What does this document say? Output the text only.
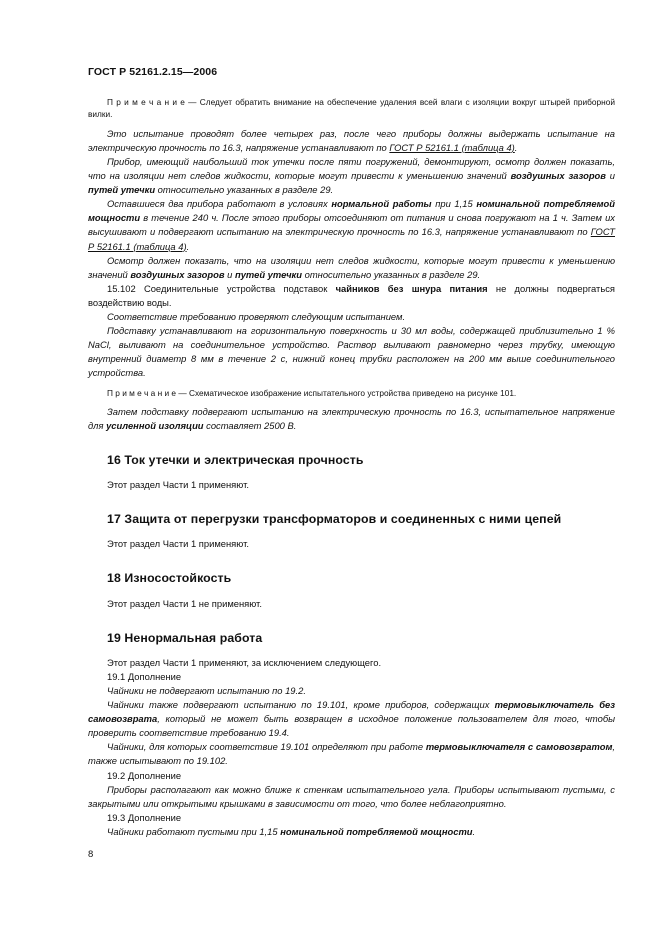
ГОСТ Р 52161.2.15—2006

П р и м е ч а н и е — Следует обратить внимание на обеспечение удаления всей влаги с изоляции вокруг штырей приборной вилки.

Это испытание проводят более четырех раз, после чего приборы должны выдержать испытание на электрическую прочность по 16.3, напряжение устанавливают по ГОСТ Р 52161.1 (таблица 4).

Прибор, имеющий наибольший ток утечки после пяти погружений, демонтируют, осмотр должен показать, что на изоляции нет следов жидкости, которые могут привести к уменьшению значений воздушных зазоров и путей утечки относительно указанных в разделе 29.

Оставшиеся два прибора работают в условиях нормальной работы при 1,15 номинальной потребляемой мощности в течение 240 ч. После этого приборы отсоединяют от питания и снова погружают на 1 ч. Затем их высушивают и подвергают испытанию на электрическую прочность по 16.3, напряжение устанавливают по ГОСТ Р 52161.1 (таблица 4).

Осмотр должен показать, что на изоляции нет следов жидкости, которые могут привести к уменьшению значений воздушных зазоров и путей утечки относительно указанных в разделе 29.

15.102 Соединительные устройства подставок чайников без шнура питания не должны подвергаться воздействию воды.

Соответствие требованию проверяют следующим испытанием.

Подставку устанавливают на горизонтальную поверхность и 30 мл воды, содержащей приблизительно 1 % NaCl, выливают на соединительное устройство. Раствор выливают равномерно через трубку, имеющую внутренний диаметр 8 мм в течение 2 с, нижний конец трубки расположен на 200 мм выше соединительного устройства.

П р и м е ч а н и е — Схематическое изображение испытательного устройства приведено на рисунке 101.

Затем подставку подвергают испытанию на электрическую прочность по 16.3, испытательное напряжение для усиленной изоляции составляет 2500 В.

16 Ток утечки и электрическая прочность

Этот раздел Части 1 применяют.

17 Защита от перегрузки трансформаторов и соединенных с ними цепей

Этот раздел Части 1 применяют.

18 Износостойкость

Этот раздел Части 1 не применяют.

19 Ненормальная работа

Этот раздел Части 1 применяют, за исключением следующего.

19.1 Дополнение

Чайники не подвергают испытанию по 19.2.

Чайники также подвергают испытанию по 19.101, кроме приборов, содержащих термовыключатель без самовозврата, который не может быть возвращен в исходное положение пользователем для того, чтобы проверить соответствие требованию 19.4.

Чайники, для которых соответствие 19.101 определяют при работе термовыключателя с самовозвратом, также испытывают по 19.102.

19.2 Дополнение

Приборы располагают как можно ближе к стенкам испытательного угла. Приборы испытывают пустыми, с закрытыми или открытыми крышками в зависимости от того, что более неблагоприятно.

19.3 Дополнение

Чайники работают пустыми при 1,15 номинальной потребляемой мощности.

8
